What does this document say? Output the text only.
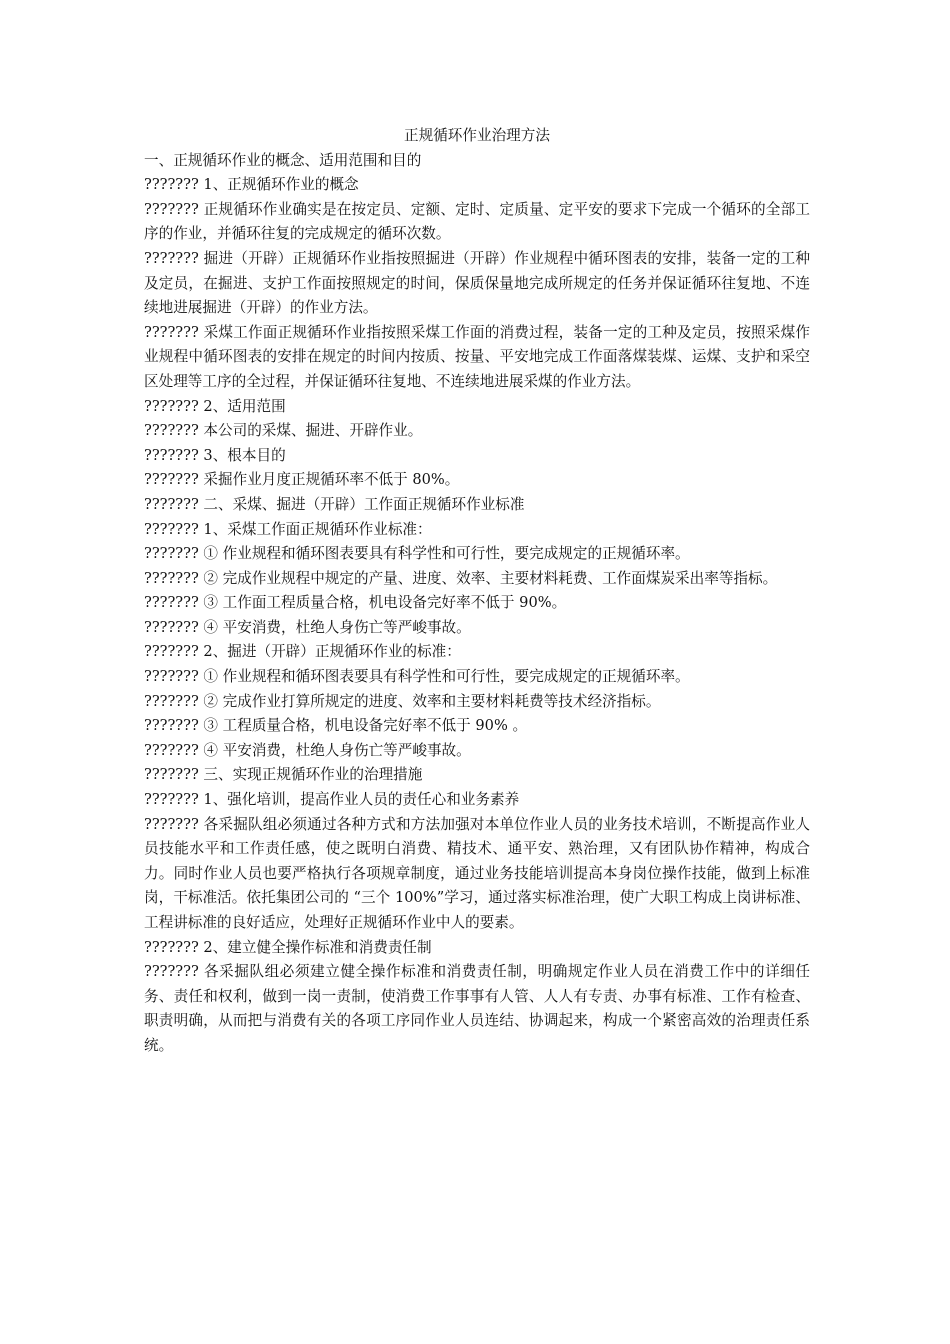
正规循环作业治理方法

一、正规循环作业的概念、适用范围和目的

??????? 1、正规循环作业的概念

??????? 正规循环作业确实是在按定员、定额、定时、定质量、定平安的要求下完成一个循环的全部工序的作业，并循环往复的完成规定的循环次数。

??????? 掘进（开辟）正规循环作业指按照掘进（开辟）作业规程中循环图表的安排，装备一定的工种及定员，在掘进、支护工作面按照规定的时间，保质保量地完成所规定的任务并保证循环往复地、不连续地进展掘进（开辟）的作业方法。

??????? 采煤工作面正规循环作业指按照采煤工作面的消费过程，装备一定的工种及定员，按照采煤作业规程中循环图表的安排在规定的时间内按质、按量、平安地完成工作面落煤装煤、运煤、支护和采空区处理等工序的全过程，并保证循环往复地、不连续地进展采煤的作业方法。

??????? 2、适用范围

??????? 本公司的采煤、掘进、开辟作业。

??????? 3、根本目的

??????? 采掘作业月度正规循环率不低于 80%。

??????? 二、采煤、掘进（开辟）工作面正规循环作业标准

??????? 1、采煤工作面正规循环作业标准：

??????? ① 作业规程和循环图表要具有科学性和可行性，要完成规定的正规循环率。

??????? ② 完成作业规程中规定的产量、进度、效率、主要材料耗费、工作面煤炭采出率等指标。

??????? ③ 工作面工程质量合格，机电设备完好率不低于 90%。

??????? ④ 平安消费，杜绝人身伤亡等严峻事故。

??????? 2、掘进（开辟）正规循环作业的标准：

??????? ① 作业规程和循环图表要具有科学性和可行性，要完成规定的正规循环率。

??????? ② 完成作业打算所规定的进度、效率和主要材料耗费等技术经济指标。

??????? ③ 工程质量合格，机电设备完好率不低于 90% 。

??????? ④ 平安消费，杜绝人身伤亡等严峻事故。

??????? 三、实现正规循环作业的治理措施

??????? 1、强化培训，提高作业人员的责任心和业务素养

??????? 各采掘队组必须通过各种方式和方法加强对本单位作业人员的业务技术培训，不断提高作业人员技能水平和工作责任感，使之既明白消费、精技术、通平安、熟治理，又有团队协作精神，构成合力。同时作业人员也要严格执行各项规章制度，通过业务技能培训提高本身岗位操作技能，做到上标准岗，干标准活。依托集团公司的 “三个 100%”学习，通过落实标准治理，使广大职工构成上岗讲标准、工程讲标准的良好适应，处理好正规循环作业中人的要素。

??????? 2、建立健全操作标准和消费责任制

??????? 各采掘队组必须建立健全操作标准和消费责任制，明确规定作业人员在消费工作中的详细任务、责任和权利，做到一岗一责制，使消费工作事事有人管、人人有专责、办事有标准、工作有检查、职责明确，从而把与消费有关的各项工序同作业人员连结、协调起来，构成一个紧密高效的治理责任系统。
